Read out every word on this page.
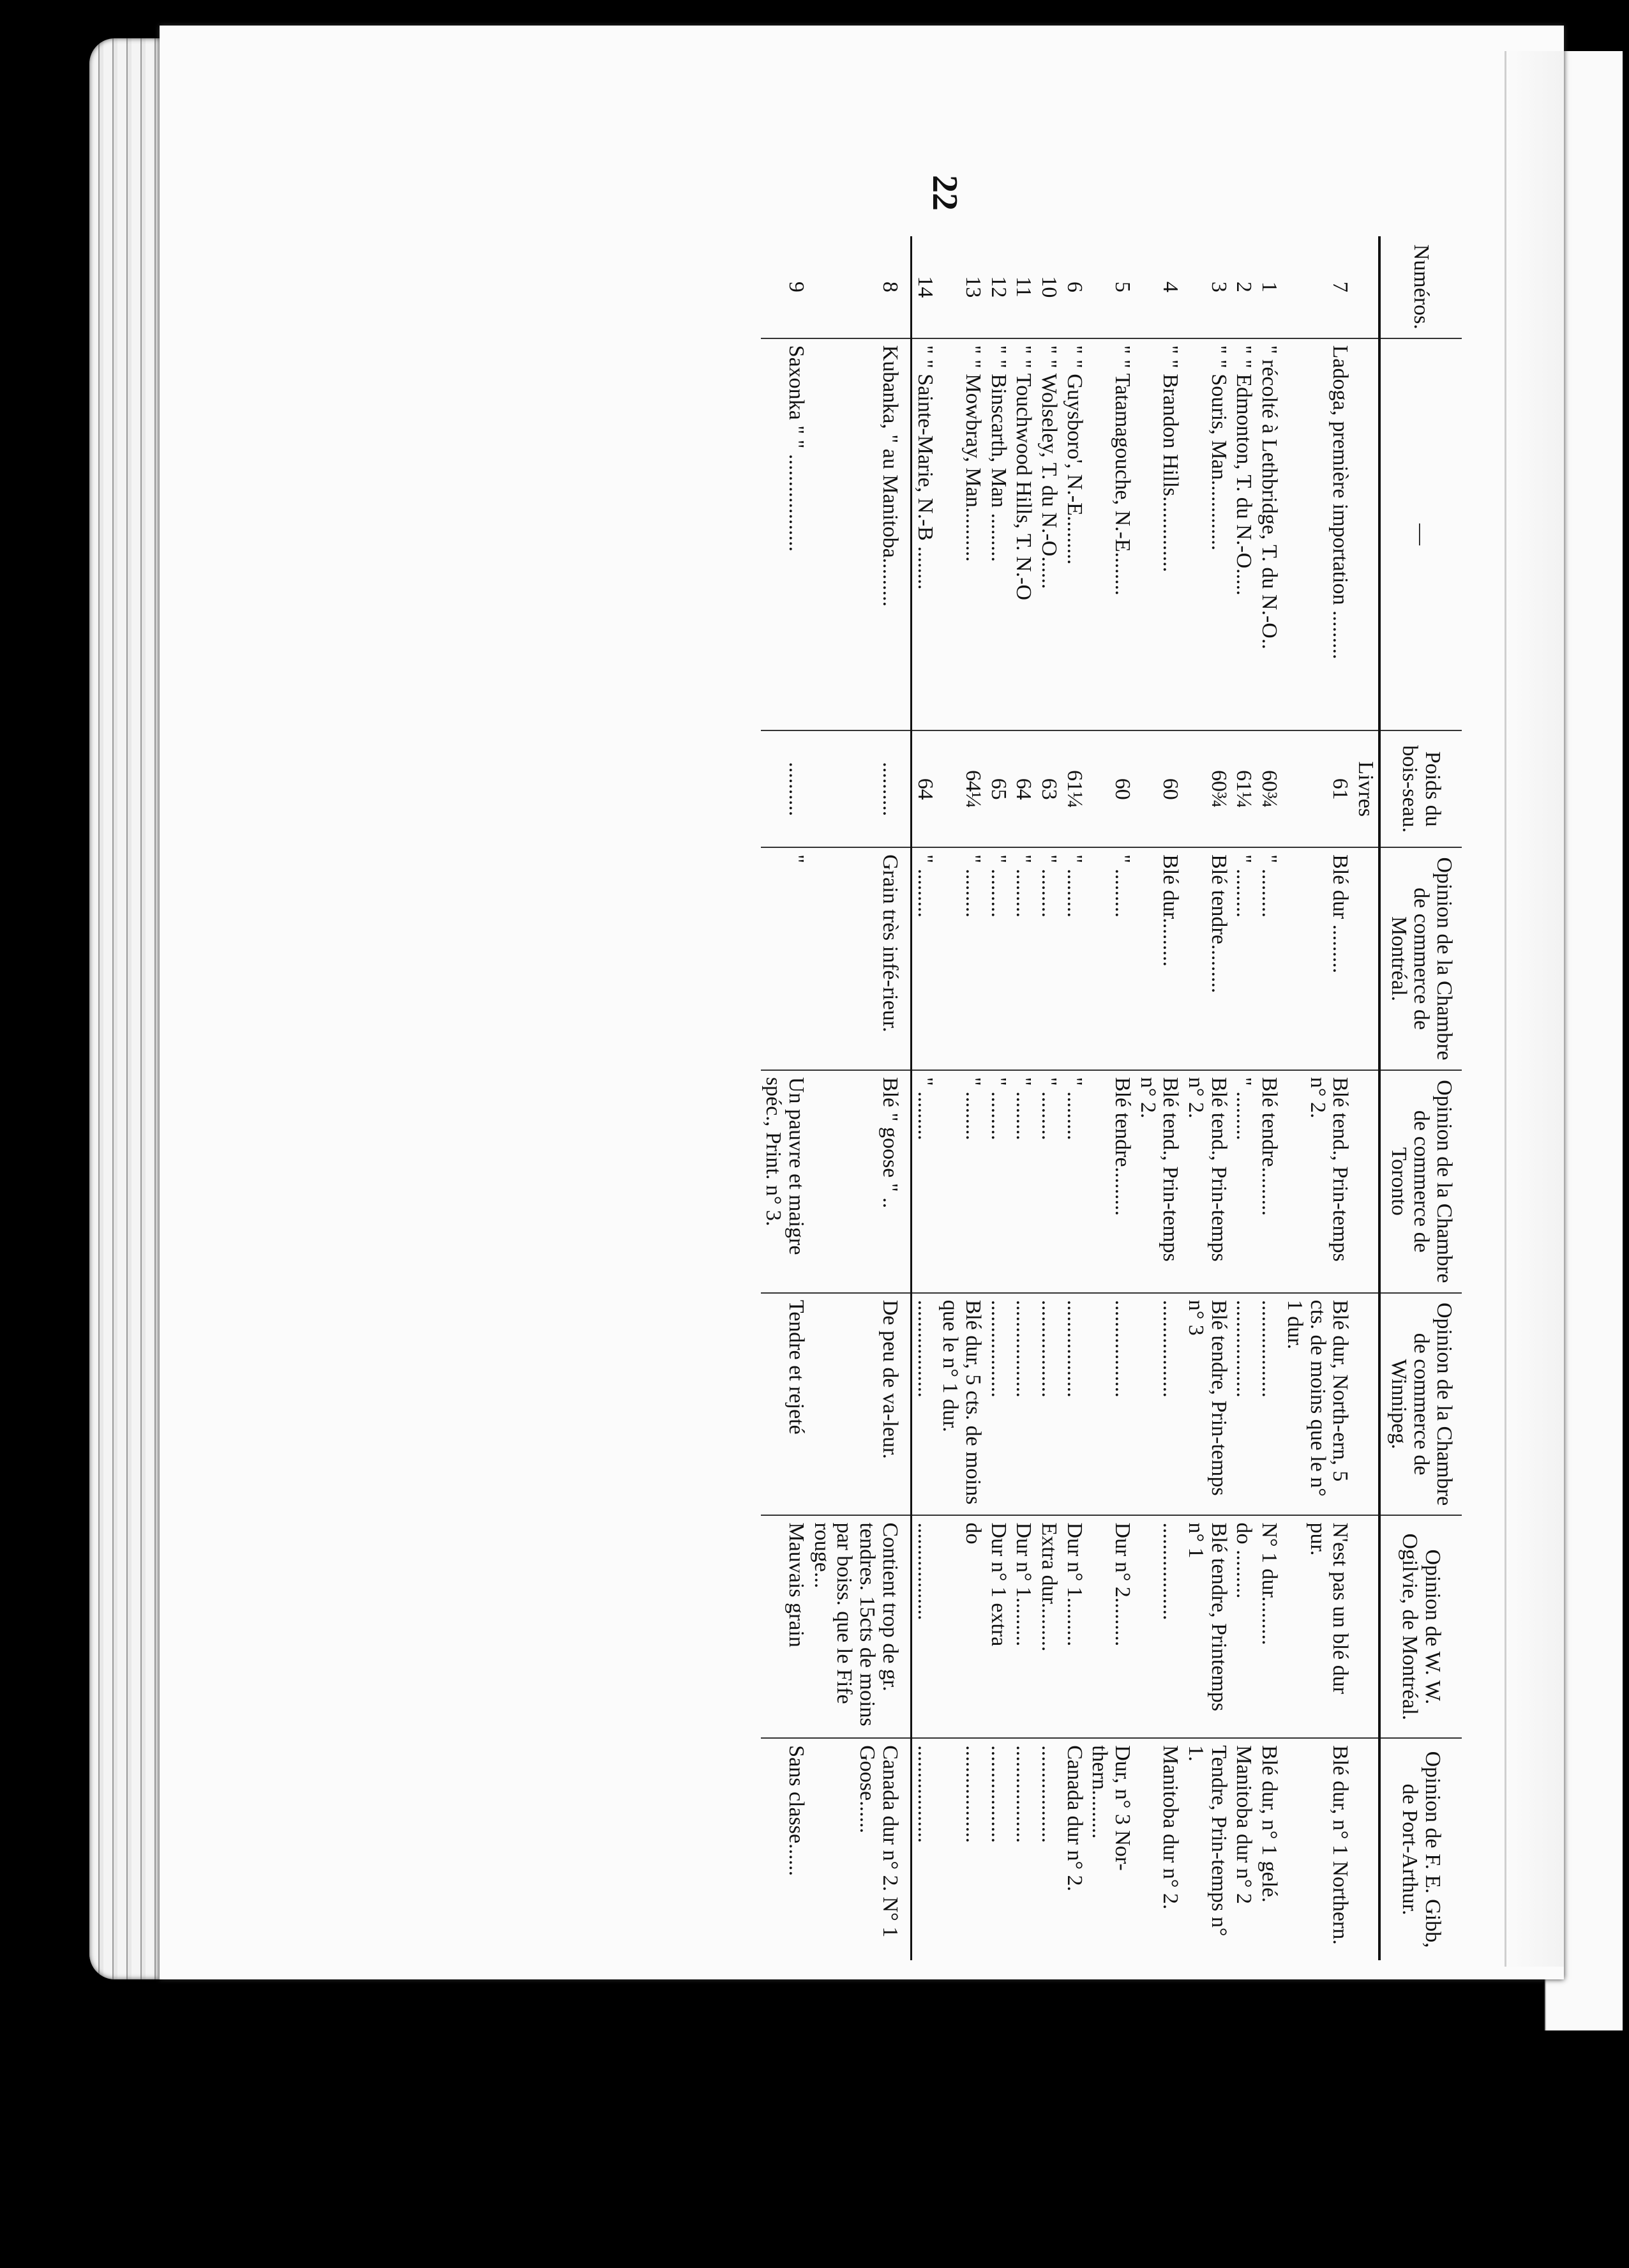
22
Numéros.	—	Poids du bois-seau.	Opinion de la Chambre de commerce de Montréal.	Opinion de la Chambre de commerce de Toronto	Opinion de la Chambre de commerce de Winnipeg.	Opinion de W. W. Ogilvie, de Montréal.	Opinion de F. E. Gibb, de Port-Arthur.
		Livres					
7	Ladoga, première importation .........	61	Blé dur .........	Blé tend., Prin-temps n° 2.	Blé dur, North-ern, 5 cts. de moins que le n° 1 dur.	N'est pas un blé dur pur.	Blé dur, n° 1 Northern.
1	" récolté à Lethbridge, T. du N.-O..	60¾	" .........	Blé tendre.........	..................	N° 1 dur.........	Blé dur, n° 1 gelé.
2	" " Edmonton, T. du N.-O.....	61¼	" .........	" .........	..................	do .........	Manitoba dur n° 2
3	" " Souris, Man.............	60¾	Blé tendre.........	Blé tend., Prin-temps n° 2.	Blé tendre, Prin-temps n° 3	Blé tendre, Printemps n° 1	Tendre, Prin-temps n° 1.
4	" " Brandon Hills..............	60	Blé dur.........	Blé tend., Prin-temps n° 2.	..................	..................	Manitoba dur n° 2.
5	" " Tatamagouche, N.-E........	60	" .........	Blé tendre.........	..................	Dur n° 2.........	Dur, n° 3 Nor-thern.........
6	" " Guysboro', N.-E.........	61¼	" .........	" .........	..................	Dur n° 1.........	Canada dur n° 2.
10	" " Wolseley, T. du N.-O......	63	" .........	" .........	..................	Extra dur.........	..................
11	" " Touchwood Hills, T. N.-O	64	" .........	" .........	..................	Dur n° 1.........	..................
12	" " Binscarth, Man .........	65	" .........	" .........	..................	Dur n° 1 extra	..................
13	" " Mowbray, Man..........	64¼	" .........	" .........	Blé dur, 5 cts. de moins que le n° 1 dur.	do	..................
14	" " Sainte-Marie, N.-B ........	64	" .........	" .........	..................	..................	..................
8	Kubanka, " au Manitoba.........	..........	Grain très infé-rieur.	Blé " goose " ..	De peu de va-leur.	Contient trop de gr. tendres. 15cts de moins par boiss. que le Fife rouge...	Canada dur n° 2. N° 1 Goose......
9	Saxonka " " ..................	..........	"	Un pauvre et maigre spéc., Print. n° 3.	Tendre et rejeté	Mauvais grain	Sans classe......
